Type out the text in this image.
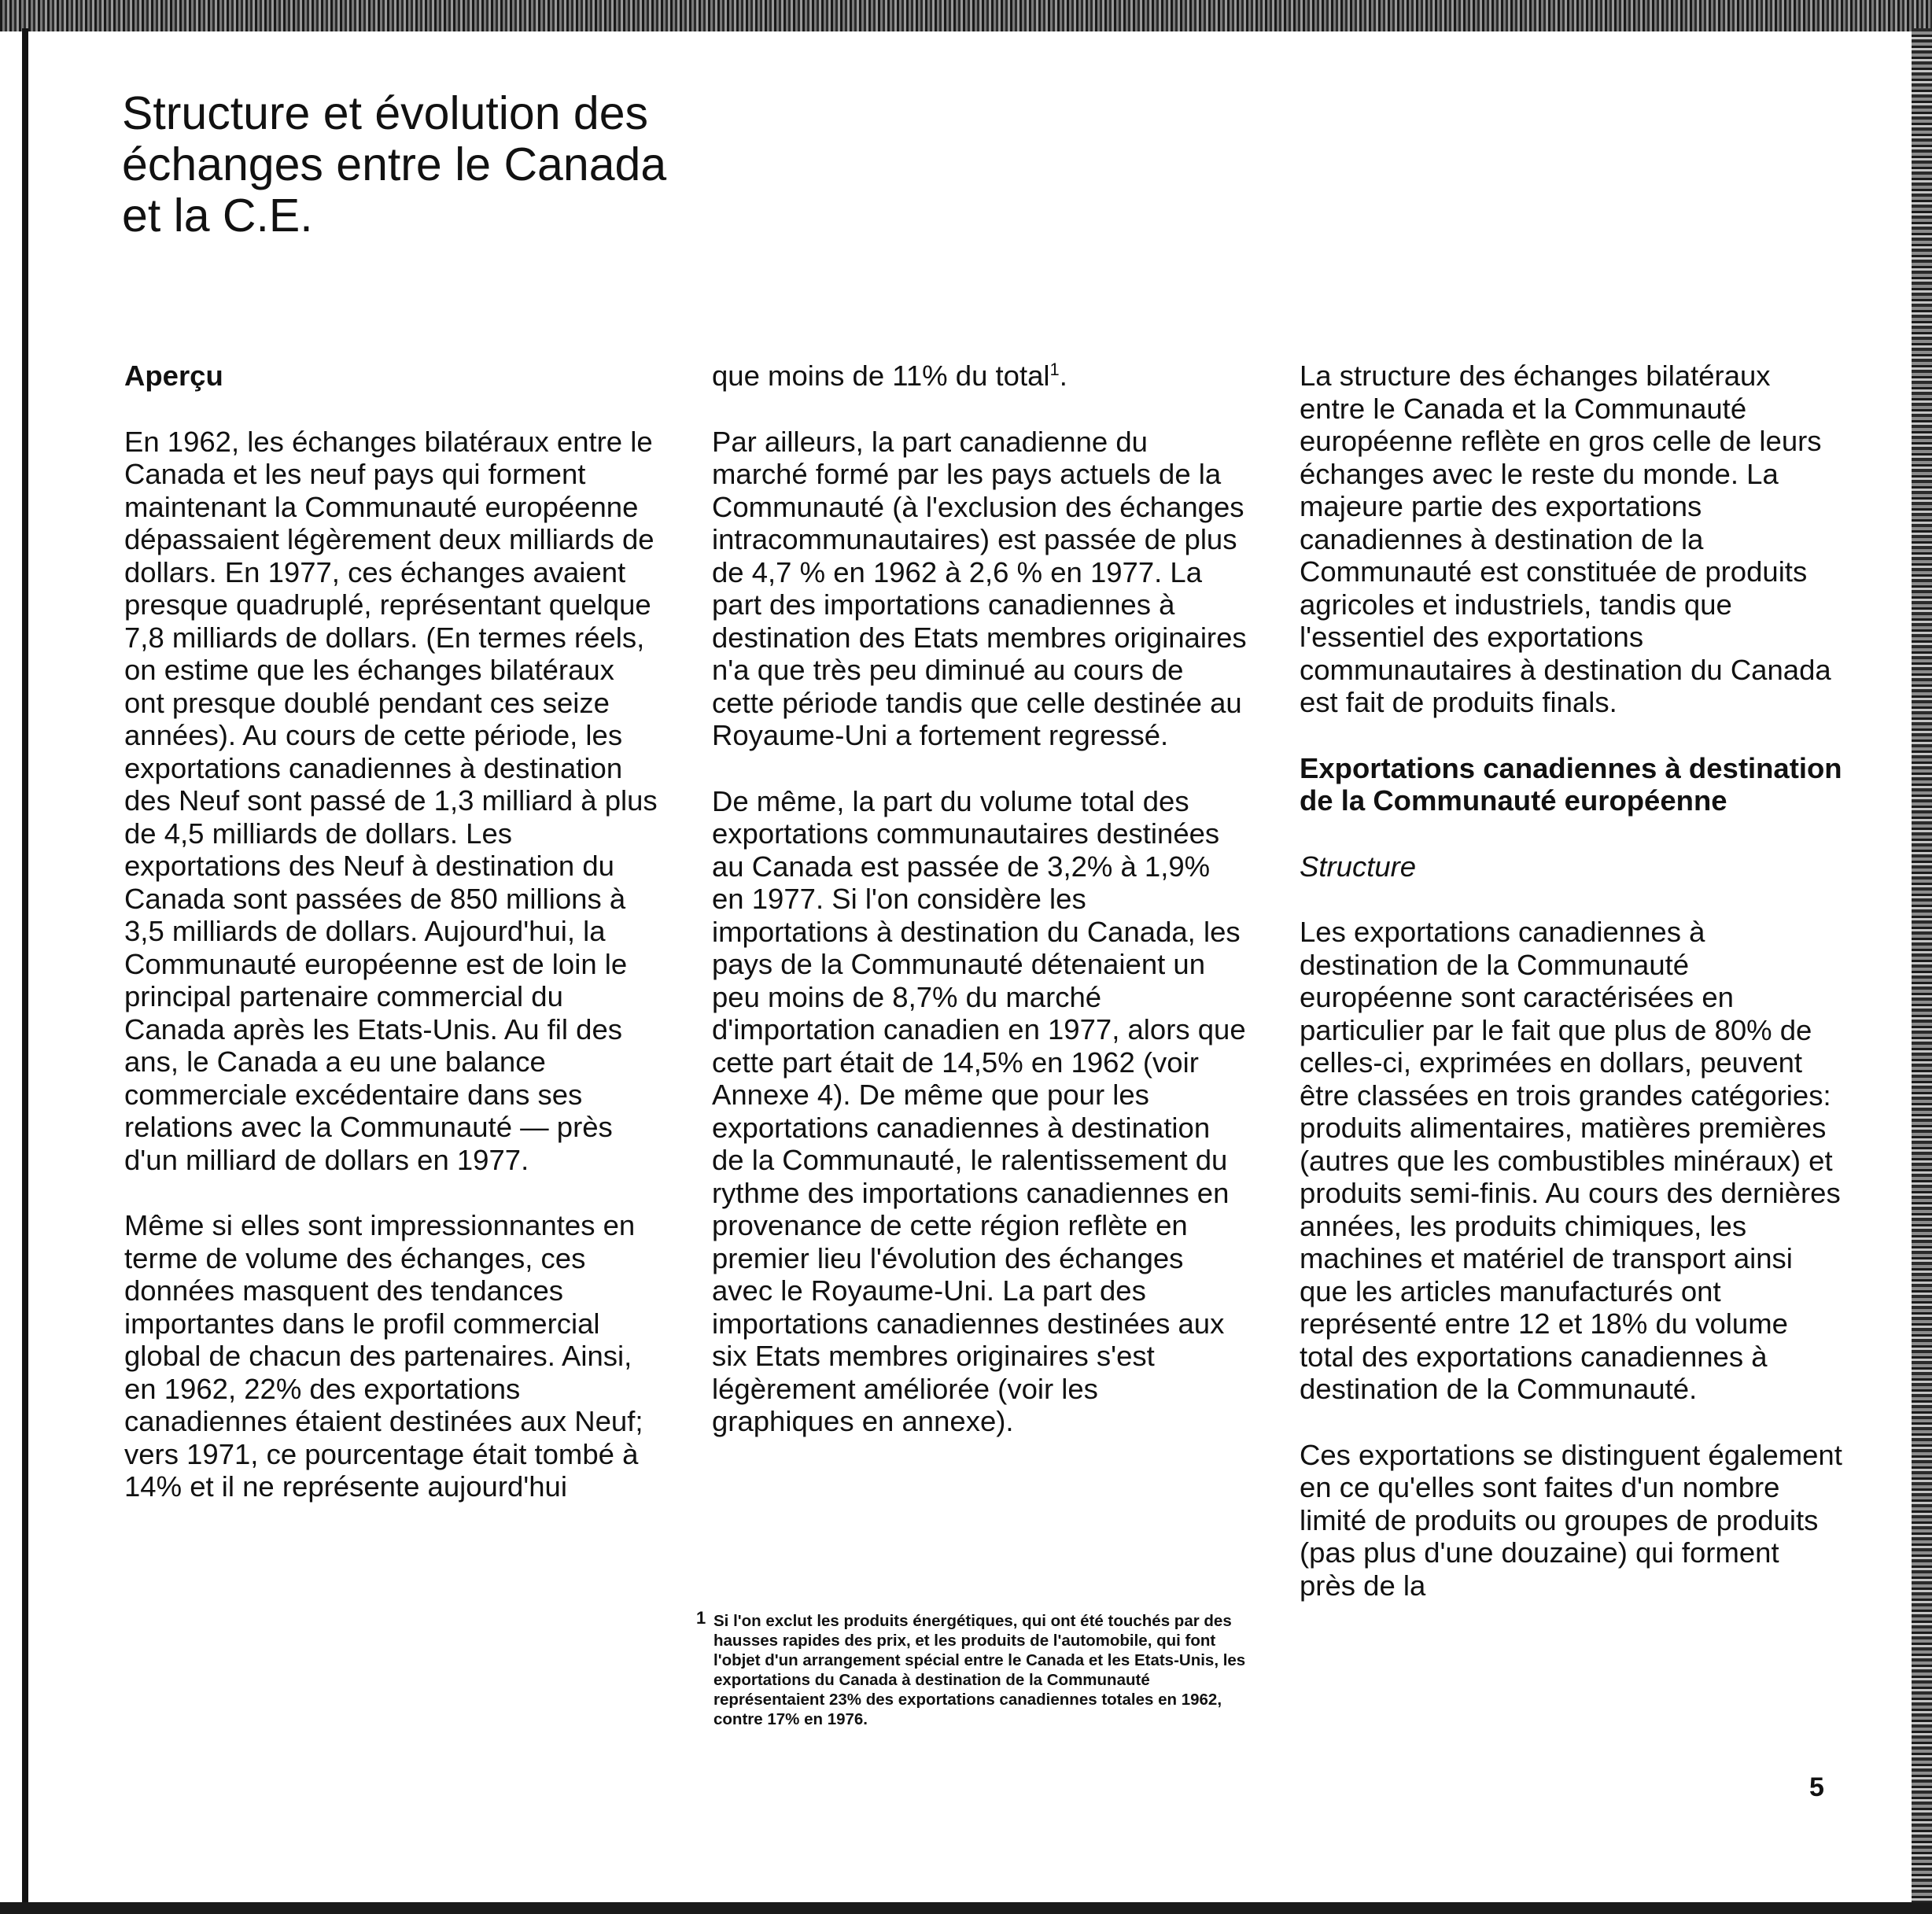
Structure et évolution des échanges entre le Canada et la C.E.
Aperçu

En 1962, les échanges bilatéraux entre le Canada et les neuf pays qui forment maintenant la Communauté européenne dépassaient légèrement deux milliards de dollars. En 1977, ces échanges avaient presque quadruplé, représentant quelque 7,8 milliards de dollars. (En termes réels, on estime que les échanges bilatéraux ont presque doublé pendant ces seize années). Au cours de cette période, les exportations canadiennes à destination des Neuf sont passé de 1,3 milliard à plus de 4,5 milliards de dollars. Les exportations des Neuf à destination du Canada sont passées de 850 millions à 3,5 milliards de dollars. Aujourd'hui, la Communauté européenne est de loin le principal partenaire commercial du Canada après les Etats-Unis. Au fil des ans, le Canada a eu une balance commerciale excédentaire dans ses relations avec la Communauté — près d'un milliard de dollars en 1977.

Même si elles sont impressionnantes en terme de volume des échanges, ces données masquent des tendances importantes dans le profil commercial global de chacun des partenaires. Ainsi, en 1962, 22% des exportations canadiennes étaient destinées aux Neuf; vers 1971, ce pourcentage était tombé à 14% et il ne représente aujourd'hui

que moins de 11% du total$^1$.

Par ailleurs, la part canadienne du marché formé par les pays actuels de la Communauté (à l'exclusion des échanges intracommunautaires) est passée de plus de 4,7 % en 1962 à 2,6 % en 1977. La part des importations canadiennes à destination des Etats membres originaires n'a que très peu diminué au cours de cette période tandis que celle destinée au Royaume-Uni a fortement regressé.

De même, la part du volume total des exportations communautaires destinées au Canada est passée de 3,2% à 1,9% en 1977. Si l'on considère les importations à destination du Canada, les pays de la Communauté détenaient un peu moins de 8,7% du marché d'importation canadien en 1977, alors que cette part était de 14,5% en 1962 (voir Annexe 4). De même que pour les exportations canadiennes à destination de la Communauté, le ralentissement du rythme des importations canadiennes en provenance de cette région reflète en premier lieu l'évolution des échanges avec le Royaume-Uni. La part des importations canadiennes destinées aux six Etats membres originaires s'est légèrement améliorée (voir les graphiques en annexe).

1 Si l'on exclut les produits énergétiques, qui ont été touchés par des hausses rapides des prix, et les produits de l'automobile, qui font l'objet d'un arrangement spécial entre le Canada et les Etats-Unis, les exportations du Canada à destination de la Communauté représentaient 23% des exportations canadiennes totales en 1962, contre 17% en 1976.

La structure des échanges bilatéraux entre le Canada et la Communauté européenne reflète en gros celle de leurs échanges avec le reste du monde. La majeure partie des exportations canadiennes à destination de la Communauté est constituée de produits agricoles et industriels, tandis que l'essentiel des exportations communautaires à destination du Canada est fait de produits finals.

Exportations canadiennes à destination de la Communauté européenne
Structure

Les exportations canadiennes à destination de la Communauté européenne sont caractérisées en particulier par le fait que plus de 80% de celles-ci, exprimées en dollars, peuvent être classées en trois grandes catégories: produits alimentaires, matières premières (autres que les combustibles minéraux) et produits semi-finis. Au cours des dernières années, les produits chimiques, les machines et matériel de transport ainsi que les articles manufacturés ont représenté entre 12 et 18% du volume total des exportations canadiennes à destination de la Communauté.

Ces exportations se distinguent également en ce qu'elles sont faites d'un nombre limité de produits ou groupes de produits (pas plus d'une douzaine) qui forment près de la

5
